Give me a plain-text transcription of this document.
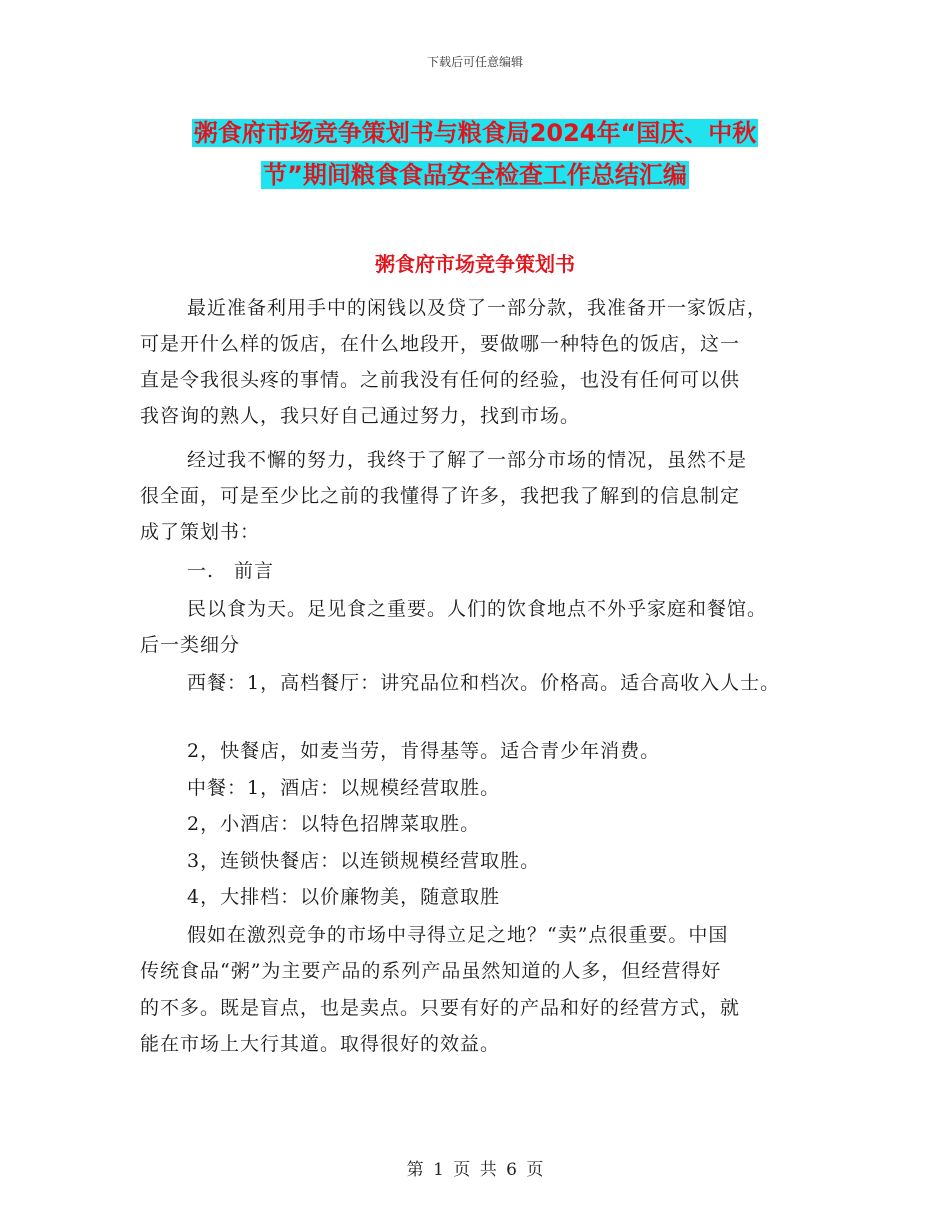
下载后可任意编辑
粥食府市场竞争策划书与粮食局2024年“国庆、中秋
节”期间粮食食品安全检查工作总结汇编
粥食府市场竞争策划书
最近准备利用手中的闲钱以及贷了一部分款，我准备开一家饭店，
可是开什么样的饭店，在什么地段开，要做哪一种特色的饭店，这一
直是令我很头疼的事情。之前我没有任何的经验，也没有任何可以供
我咨询的熟人，我只好自己通过努力，找到市场。
经过我不懈的努力，我终于了解了一部分市场的情况，虽然不是
很全面，可是至少比之前的我懂得了许多，我把我了解到的信息制定
成了策划书：
一.　前言
民以食为天。足见食之重要。人们的饮食地点不外乎家庭和餐馆。
后一类细分
西餐：1，高档餐厅：讲究品位和档次。价格高。适合高收入人士。
2，快餐店，如麦当劳，肯得基等。适合青少年消费。
中餐：1，酒店：以规模经营取胜。
2，小酒店：以特色招牌菜取胜。
3，连锁快餐店：以连锁规模经营取胜。
4，大排档：以价廉物美，随意取胜
假如在激烈竞争的市场中寻得立足之地？“卖”点很重要。中国
传统食品“粥”为主要产品的系列产品虽然知道的人多，但经营得好
的不多。既是盲点，也是卖点。只要有好的产品和好的经营方式，就
能在市场上大行其道。取得很好的效益。
第 1 页 共 6 页
